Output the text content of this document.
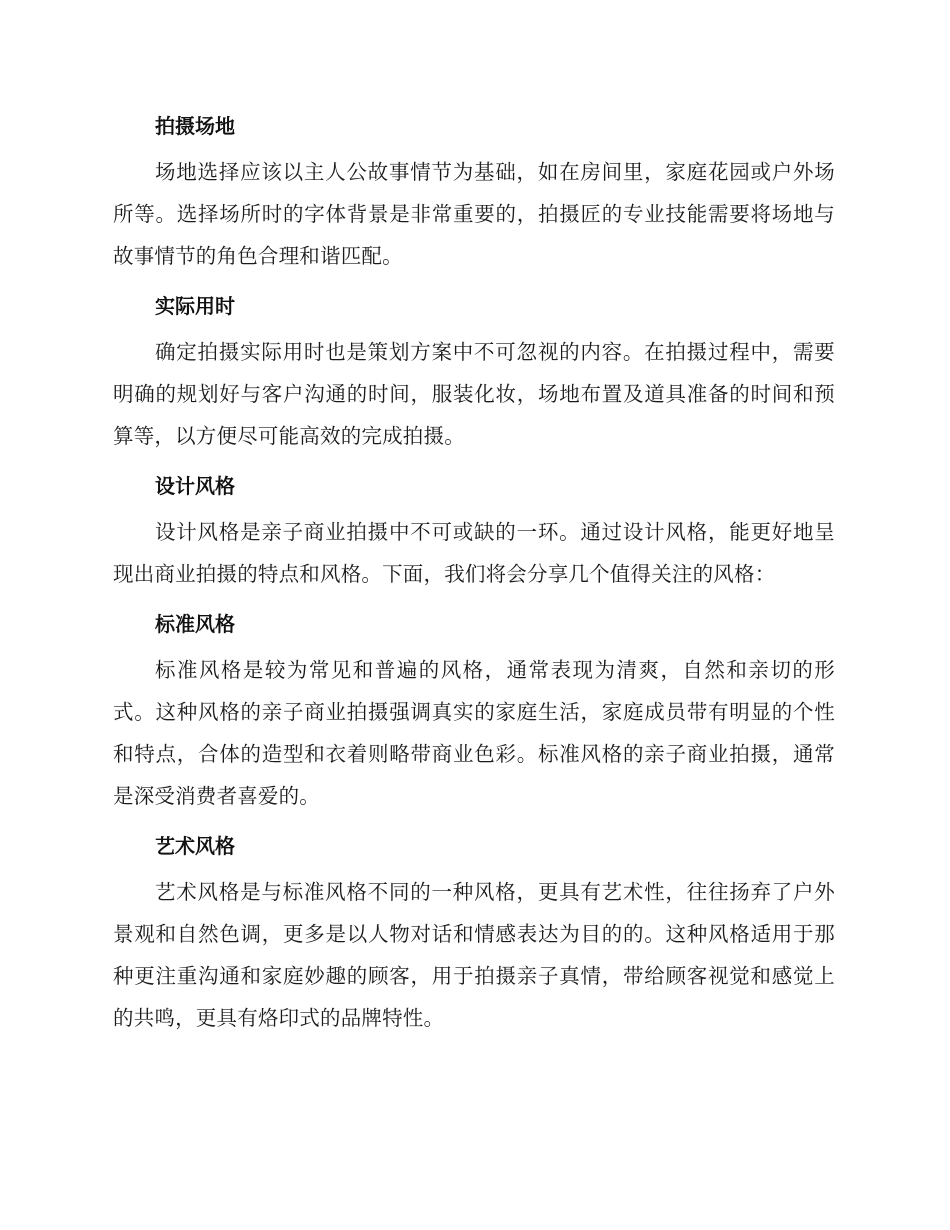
拍摄场地

场地选择应该以主人公故事情节为基础，如在房间里，家庭花园或户外场所等。选择场所时的字体背景是非常重要的，拍摄匠的专业技能需要将场地与故事情节的角色合理和谐匹配。

实际用时

确定拍摄实际用时也是策划方案中不可忽视的内容。在拍摄过程中，需要明确的规划好与客户沟通的时间，服装化妆，场地布置及道具准备的时间和预算等，以方便尽可能高效的完成拍摄。

设计风格

设计风格是亲子商业拍摄中不可或缺的一环。通过设计风格，能更好地呈现出商业拍摄的特点和风格。下面，我们将会分享几个值得关注的风格：

标准风格

标准风格是较为常见和普遍的风格，通常表现为清爽，自然和亲切的形式。这种风格的亲子商业拍摄强调真实的家庭生活，家庭成员带有明显的个性和特点，合体的造型和衣着则略带商业色彩。标准风格的亲子商业拍摄，通常是深受消费者喜爱的。

艺术风格

艺术风格是与标准风格不同的一种风格，更具有艺术性，往往扬弃了户外景观和自然色调，更多是以人物对话和情感表达为目的的。这种风格适用于那种更注重沟通和家庭妙趣的顾客，用于拍摄亲子真情，带给顾客视觉和感觉上的共鸣，更具有烙印式的品牌特性。
